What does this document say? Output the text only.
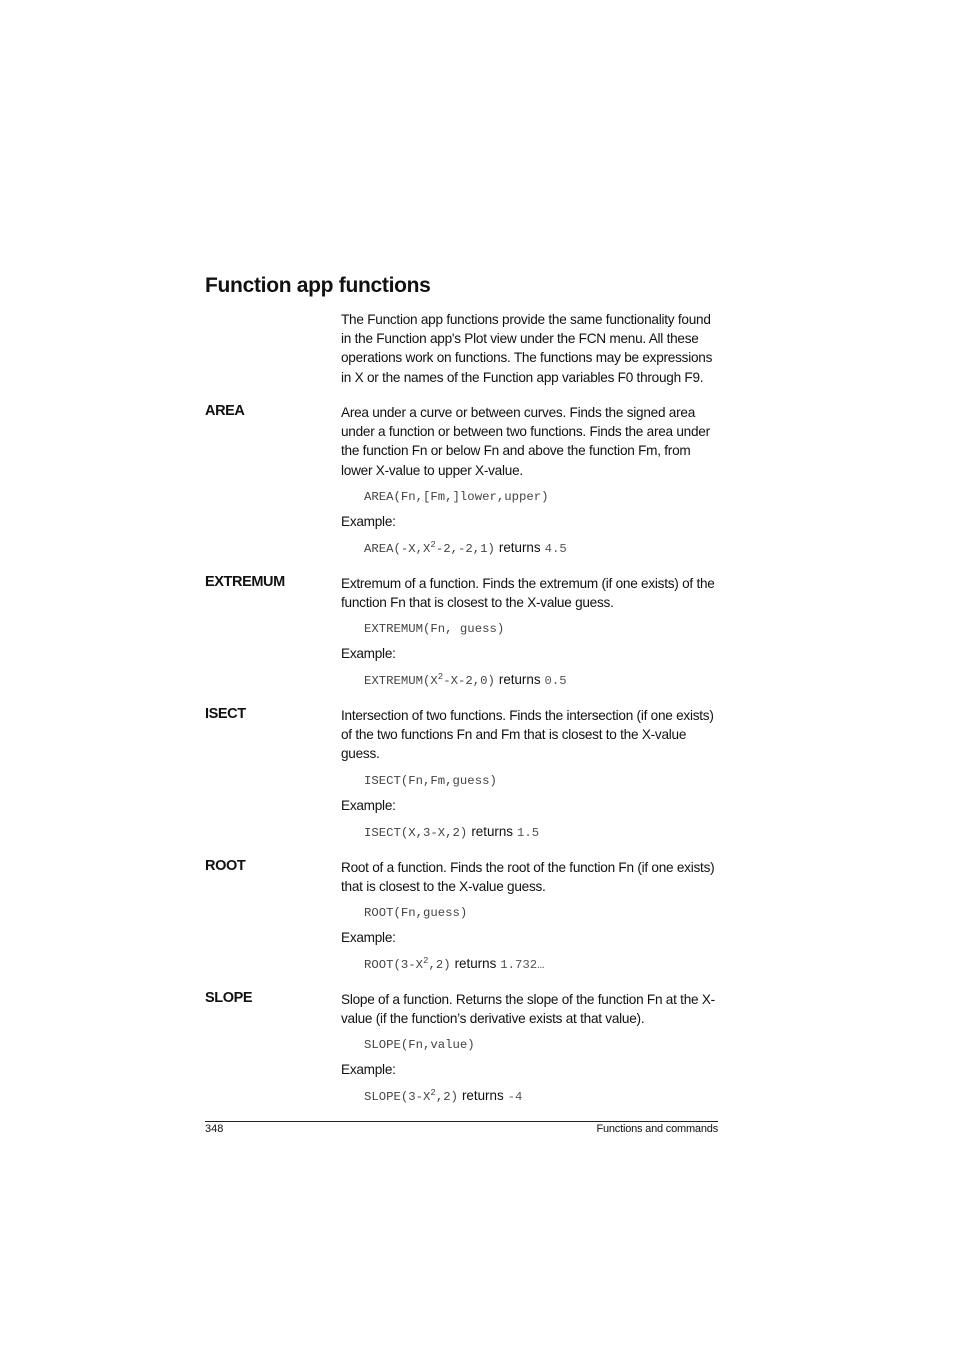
Function app functions

The Function app functions provide the same functionality found in the Function app's Plot view under the FCN menu. All these operations work on functions. The functions may be expressions in X or the names of the Function app variables F0 through F9.

AREA	Area under a curve or between curves. Finds the signed area under a function or between two functions. Finds the area under the function Fn or below Fn and above the function Fm, from lower X-value to upper X-value.

AREA(Fn,[Fm,]lower,upper)
Example:
$AREA(-X,X^2-2,-2,1)$ returns 4.5
EXTREMUM	Extremum of a function. Finds the extremum (if one exists) of the function Fn that is closest to the X-value guess.

EXTREMUM(Fn, guess)
Example:
$EXTREMUM(X^2-X-2,0)$ returns 0.5
ISECT	Intersection of two functions. Finds the intersection (if one exists) of the two functions Fn and Fm that is closest to the X-value guess.

ISECT(Fn,Fm,guess)
Example:
ISECT(X,3-X,2) returns 1.5
ROOT	Root of a function. Finds the root of the function Fn (if one exists) that is closest to the X-value guess.

ROOT(Fn,guess)
Example:
$ROOT(3-X^2,2)$ returns 1.732…
SLOPE	Slope of a function. Returns the slope of the function Fn at the X-value (if the function’s derivative exists at that value).

SLOPE(Fn,value)
Example:
$SLOPE(3-X^2,2)$ returns -4
348	Functions and commands
